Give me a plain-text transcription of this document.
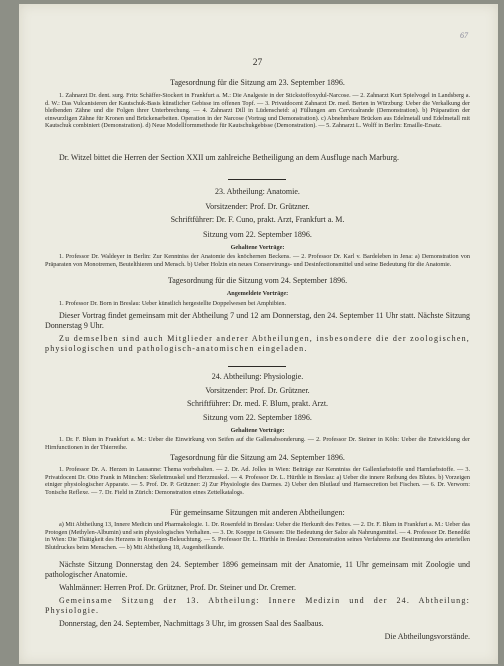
67
27
Tagesordnung für die Sitzung am 23. September 1896.
1. Zahnarzt Dr. dent. surg. Fritz Schäffer-Stockert in Frankfurt a. M.: Die Analgesie in der Stickstoffoxydul-Narcose. — 2. Zahnarzt Kurt Spielvogel in Landsberg a. d. W.: Das Vulcanisieren der Kautschuk-Basis künstlicher Gebisse im offenen Topf. — 3. Privatdocent Zahnarzt Dr. med. Berten in Würzburg: Ueber die Verkalkung der bleibenden Zähne und die Folgen ihrer Unterbrechung. — 4. Zahnarzt Dill in Lüdenscheid: a) Füllungen am Cervicalrande (Demonstration). b) Präparation der einwurzligen Zähne für Kronen und Brückenarbeiten. Operation in der Narcose (Vortrag und Demonstration). c) Abnehmbare Brücken aus Edelmetall und Edelmetall mit Kautschuk combiniert (Demonstration). d) Neue Modellformmethode für Kautschukgebisse (Demonstration). — 5. Zahnarzt L. Wolff in Berlin: Emaille-Ersatz.
Dr. Witzel bittet die Herren der Section XXII um zahlreiche Betheiligung an dem Ausfluge nach Marburg.
23. Abtheilung: Anatomie.
Vorsitzender: Prof. Dr. Grützner.
Schriftführer: Dr. F. Cuno, prakt. Arzt, Frankfurt a. M.
Sitzung vom 22. September 1896.
Gehaltene Vorträge:
1. Professor Dr. Waldeyer in Berlin: Zur Kenntniss der Anatomie des knöchernen Beckens. — 2. Professor Dr. Karl v. Bardeleben in Jena: a) Demonstration von Präparaten von Monotremen, Beutelthieren und Mensch. b) Ueber Holzin ein neues Conservirungs- und Desinfectionsmittel und seine Bedeutung für die Anatomie.
Tagesordnung für die Sitzung vom 24. September 1896.
Angemeldete Vorträge:
1. Professor Dr. Born in Breslau: Ueber künstlich hergestellte Doppelwesen bei Amphibien.
Dieser Vortrag findet gemeinsam mit der Abtheilung 7 und 12 am Donnerstag, den 24. September 11 Uhr statt. Nächste Sitzung Donnerstag 9 Uhr.
Zu demselben sind auch Mitglieder anderer Abtheilungen, insbesondere die der zoologischen, physiologischen und pathologisch-anatomischen eingeladen.
24. Abtheilung: Physiologie.
Vorsitzender: Prof. Dr. Grützner.
Schriftführer: Dr. med. F. Blum, prakt. Arzt.
Sitzung vom 22. September 1896.
Gehaltene Vorträge:
1. Dr. F. Blum in Frankfurt a. M.: Ueber die Einwirkung von Seifen auf die Gallenabsonderung. — 2. Professor Dr. Steiner in Köln: Ueber die Entwicklung der Hirnfunctionen in der Thierreihe.
Tagesordnung für die Sitzung am 24. September 1896.
1. Professor Dr. A. Herzen in Lausanne: Thema vorbehalten. — 2. Dr. Ad. Jolles in Wien: Beiträge zur Kenntniss der Gallenfarbstoffe und Harnfarbstoffe. — 3. Privatdocent Dr. Otto Frank in München: Skelettmuskel und Herzmuskel. — 4. Professor Dr. L. Hürthle in Breslau: a) Ueber die innere Reibung des Blutes. b) Vorzeigen einiger physiologischer Apparate. — 5. Prof. Dr. P. Grützner: 2) Zur Physiologie des Darmes. 2) Ueber den Blutlauf und Harnsecretion bei Fischen. — 6. Dr. Verworn: Tonische Reflexe. — 7. Dr. Field in Zürich: Demonstration eines Zettelkatalogs.
Für gemeinsame Sitzungen mit anderen Abtheilungen:
a) Mit Abtheilung 13, Innere Medicin und Pharmakologie. 1. Dr. Rosenfeld in Breslau: Ueber die Herkunft des Fettes. — 2. Dr. F. Blum in Frankfurt a. M.: Ueber das Protogen (Methylen-Albumin) und sein physiologisches Verhalten. — 3. Dr. Koeppe in Giessen: Die Bedeutung der Salze als Nahrungsmittel. — 4. Professor Dr. Benedikt in Wien: Die Thätigkeit des Herzens in Roentgen-Beleuchtung. — 5. Professor Dr. L. Hürthle in Breslau: Demonstration seines Verfahrens zur Bestimmung des arteriellen Blutdruckes beim Menschen. — b) Mit Abtheilung 18, Augenheilkunde.
Nächste Sitzung Donnerstag den 24. September 1896 gemeinsam mit der Anatomie, 11 Uhr gemeinsam mit Zoologie und pathologischer Anatomie.
Wahlmänner: Herren Prof. Dr. Grützner, Prof. Dr. Steiner und Dr. Cremer.
Gemeinsame Sitzung der 13. Abtheilung: Innere Medizin und der 24. Abtheilung: Physiologie.
Donnerstag, den 24. September, Nachmittags 3 Uhr, im grossen Saal des Saalbaus.
Die Abtheilungsvorstände.
